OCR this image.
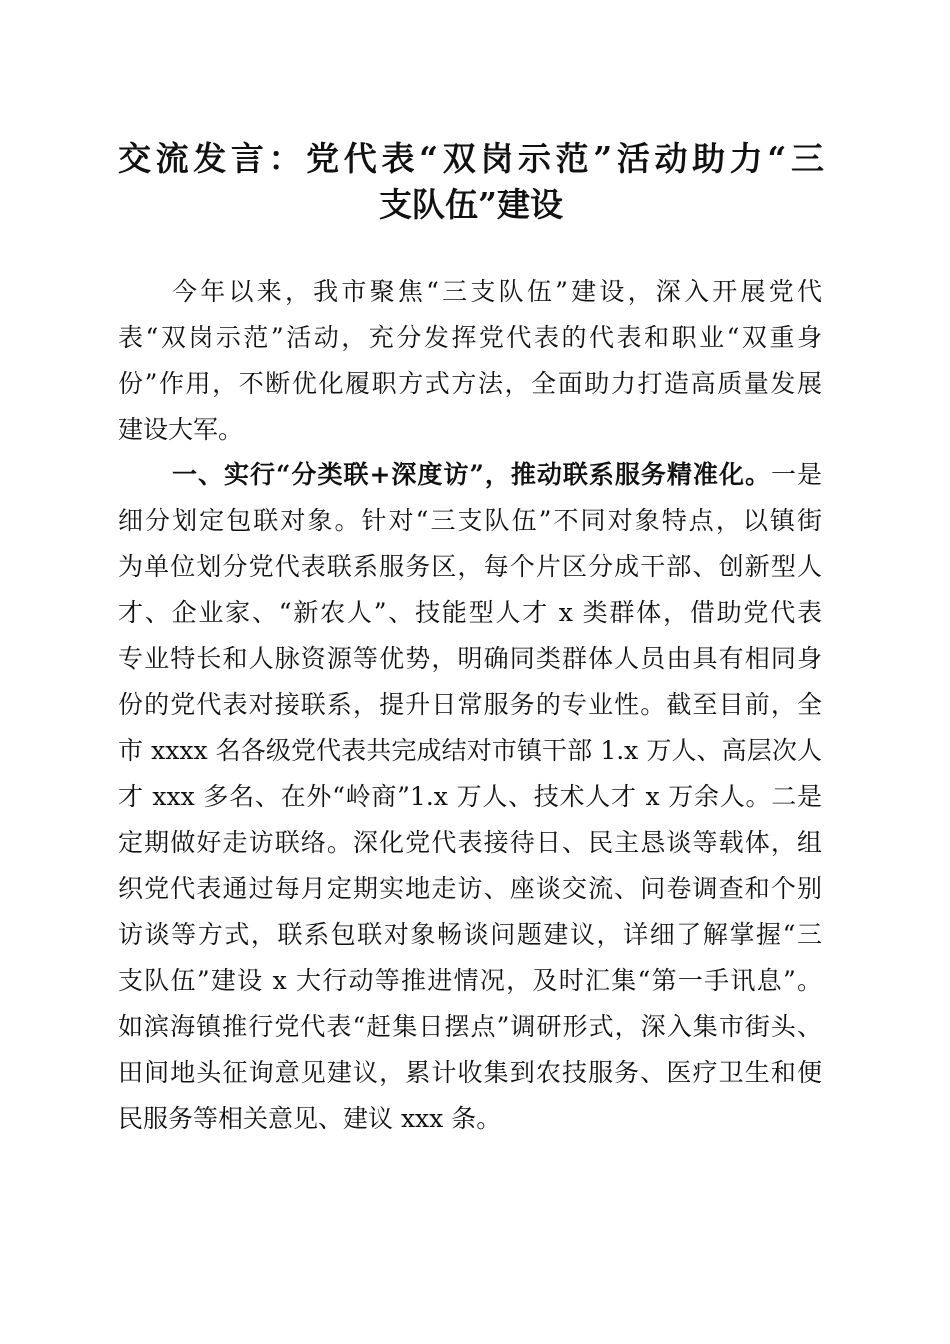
交流发言：党代表“双岗示范”活动助力“三
支队伍”建设
今年以来，我市聚焦“三支队伍”建设，深入开展党代
表“双岗示范”活动，充分发挥党代表的代表和职业“双重身
份”作用，不断优化履职方式方法，全面助力打造高质量发展
建设大军。
一、实行“分类联+深度访”，推动联系服务精准化。一是
细分划定包联对象。针对“三支队伍”不同对象特点，以镇街
为单位划分党代表联系服务区，每个片区分成干部、创新型人
才、企业家、“新农人”、技能型人才 x 类群体，借助党代表
专业特长和人脉资源等优势，明确同类群体人员由具有相同身
份的党代表对接联系，提升日常服务的专业性。截至目前，全
市 xxxx 名各级党代表共完成结对市镇干部 1.x 万人、高层次人
才 xxx 多名、在外“岭商”1.x 万人、技术人才 x 万余人。二是
定期做好走访联络。深化党代表接待日、民主恳谈等载体，组
织党代表通过每月定期实地走访、座谈交流、问卷调查和个别
访谈等方式，联系包联对象畅谈问题建议，详细了解掌握“三
支队伍”建设 x 大行动等推进情况，及时汇集“第一手讯息”。
如滨海镇推行党代表“赶集日摆点”调研形式，深入集市街头、
田间地头征询意见建议，累计收集到农技服务、医疗卫生和便
民服务等相关意见、建议 xxx 条。
